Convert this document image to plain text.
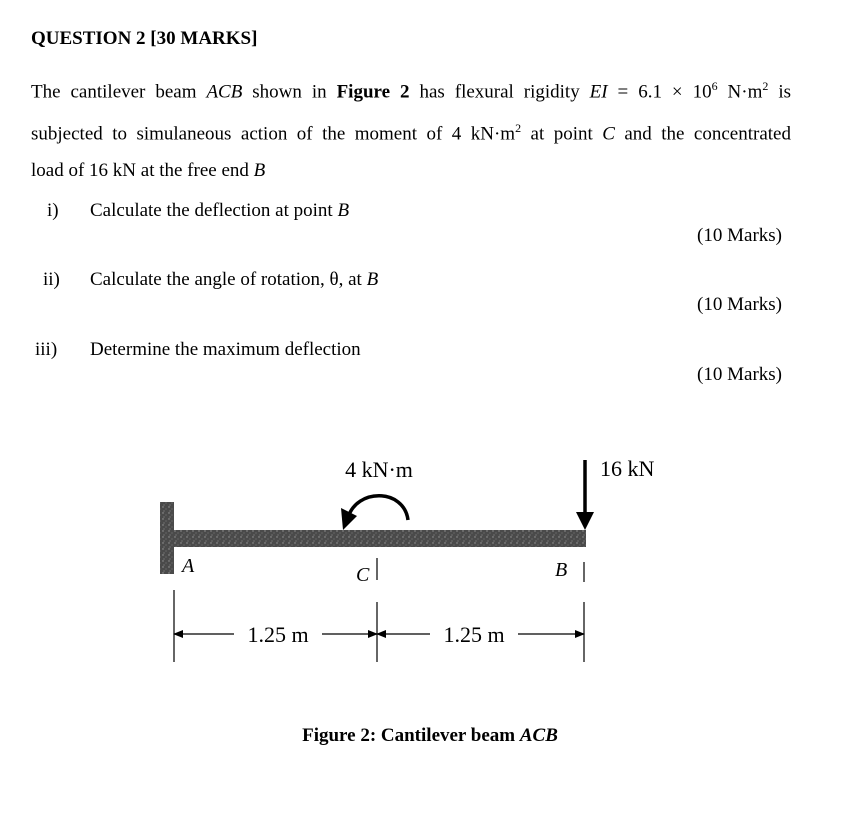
QUESTION 2 [30 MARKS]
The cantilever beam ACB shown in Figure 2 has flexural rigidity EI = $6.1 \times 10^6$ $N\cdot m^2$ is
subjected to simulaneous action of the moment of 4 $kN\cdot m^2$ at point C and the concentrated
load of 16 kN at the free end B
i) Calculate the deflection at point B
(10 Marks)
ii) Calculate the angle of rotation, θ, at B
(10 Marks)
iii) Determine the maximum deflection
(10 Marks)
4 kN·m	16 kN
A	C	B
1.25 m	1.25 m
Figure 2: Cantilever beam ACB
